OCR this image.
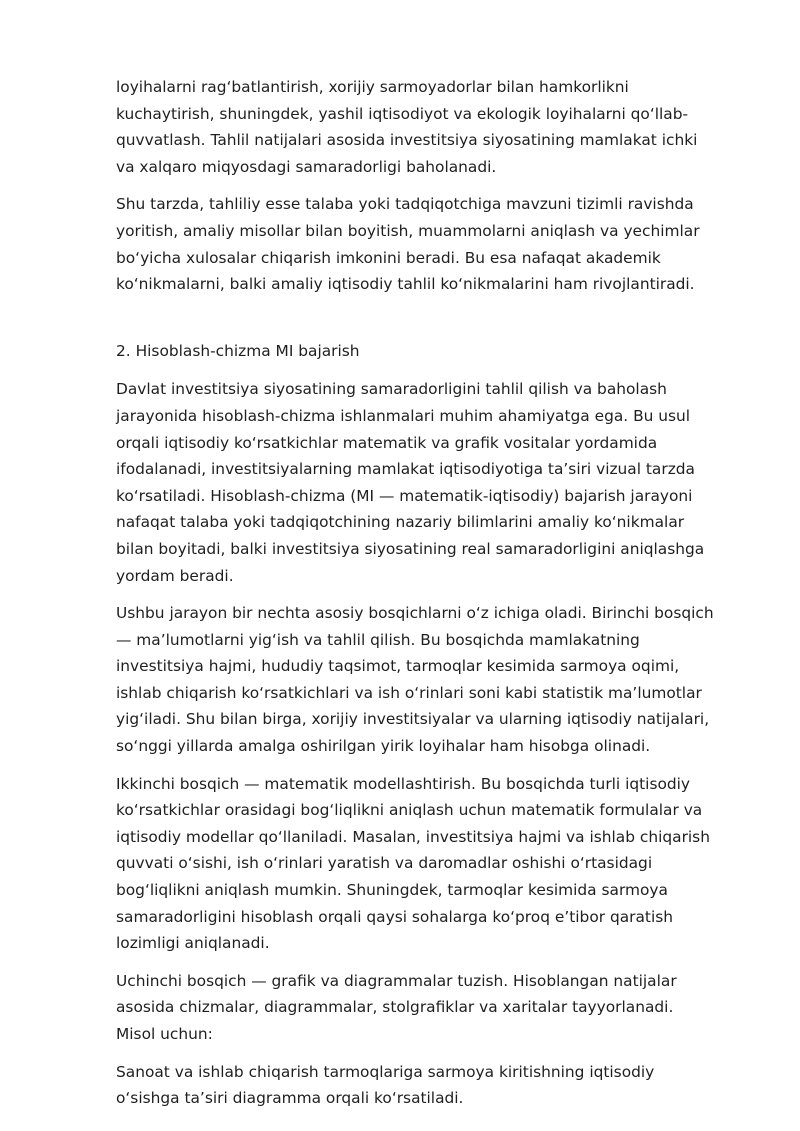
loyihalarni rag‘batlantirish, xorijiy sarmoyadorlar bilan hamkorlikni kuchaytirish, shuningdek, yashil iqtisodiyot va ekologik loyihalarni qo‘llab-quvvatlash. Tahlil natijalari asosida investitsiya siyosatining mamlakat ichki va xalqaro miqyosdagi samaradorligi baholanadi.

Shu tarzda, tahliliy esse talaba yoki tadqiqotchiga mavzuni tizimli ravishda yoritish, amaliy misollar bilan boyitish, muammolarni aniqlash va yechimlar bo‘yicha xulosalar chiqarish imkonini beradi. Bu esa nafaqat akademik ko‘nikmalarni, balki amaliy iqtisodiy tahlil ko‘nikmalarini ham rivojlantiradi.

2. Hisoblash-chizma MI bajarish

Davlat investitsiya siyosatining samaradorligini tahlil qilish va baholash jarayonida hisoblash-chizma ishlanmalari muhim ahamiyatga ega. Bu usul orqali iqtisodiy ko‘rsatkichlar matematik va grafik vositalar yordamida ifodalanadi, investitsiyalarning mamlakat iqtisodiyotiga ta’siri vizual tarzda ko‘rsatiladi. Hisoblash-chizma (MI — matematik-iqtisodiy) bajarish jarayoni nafaqat talaba yoki tadqiqotchining nazariy bilimlarini amaliy ko‘nikmalar bilan boyitadi, balki investitsiya siyosatining real samaradorligini aniqlashga yordam beradi.

Ushbu jarayon bir nechta asosiy bosqichlarni o‘z ichiga oladi. Birinchi bosqich — ma’lumotlarni yig‘ish va tahlil qilish. Bu bosqichda mamlakatning investitsiya hajmi, hududiy taqsimot, tarmoqlar kesimida sarmoya oqimi, ishlab chiqarish ko‘rsatkichlari va ish o‘rinlari soni kabi statistik ma’lumotlar yig‘iladi. Shu bilan birga, xorijiy investitsiyalar va ularning iqtisodiy natijalari, so‘nggi yillarda amalga oshirilgan yirik loyihalar ham hisobga olinadi.

Ikkinchi bosqich — matematik modellashtirish. Bu bosqichda turli iqtisodiy ko‘rsatkichlar orasidagi bog‘liqlikni aniqlash uchun matematik formulalar va iqtisodiy modellar qo‘llaniladi. Masalan, investitsiya hajmi va ishlab chiqarish quvvati o‘sishi, ish o‘rinlari yaratish va daromadlar oshishi o‘rtasidagi bog‘liqlikni aniqlash mumkin. Shuningdek, tarmoqlar kesimida sarmoya samaradorligini hisoblash orqali qaysi sohalarga ko‘proq e’tibor qaratish lozimligi aniqlanadi.

Uchinchi bosqich — grafik va diagrammalar tuzish. Hisoblangan natijalar asosida chizmalar, diagrammalar, stolgrafiklar va xaritalar tayyorlanadi. Misol uchun:

Sanoat va ishlab chiqarish tarmoqlariga sarmoya kiritishning iqtisodiy o‘sishga ta’siri diagramma orqali ko‘rsatiladi.
